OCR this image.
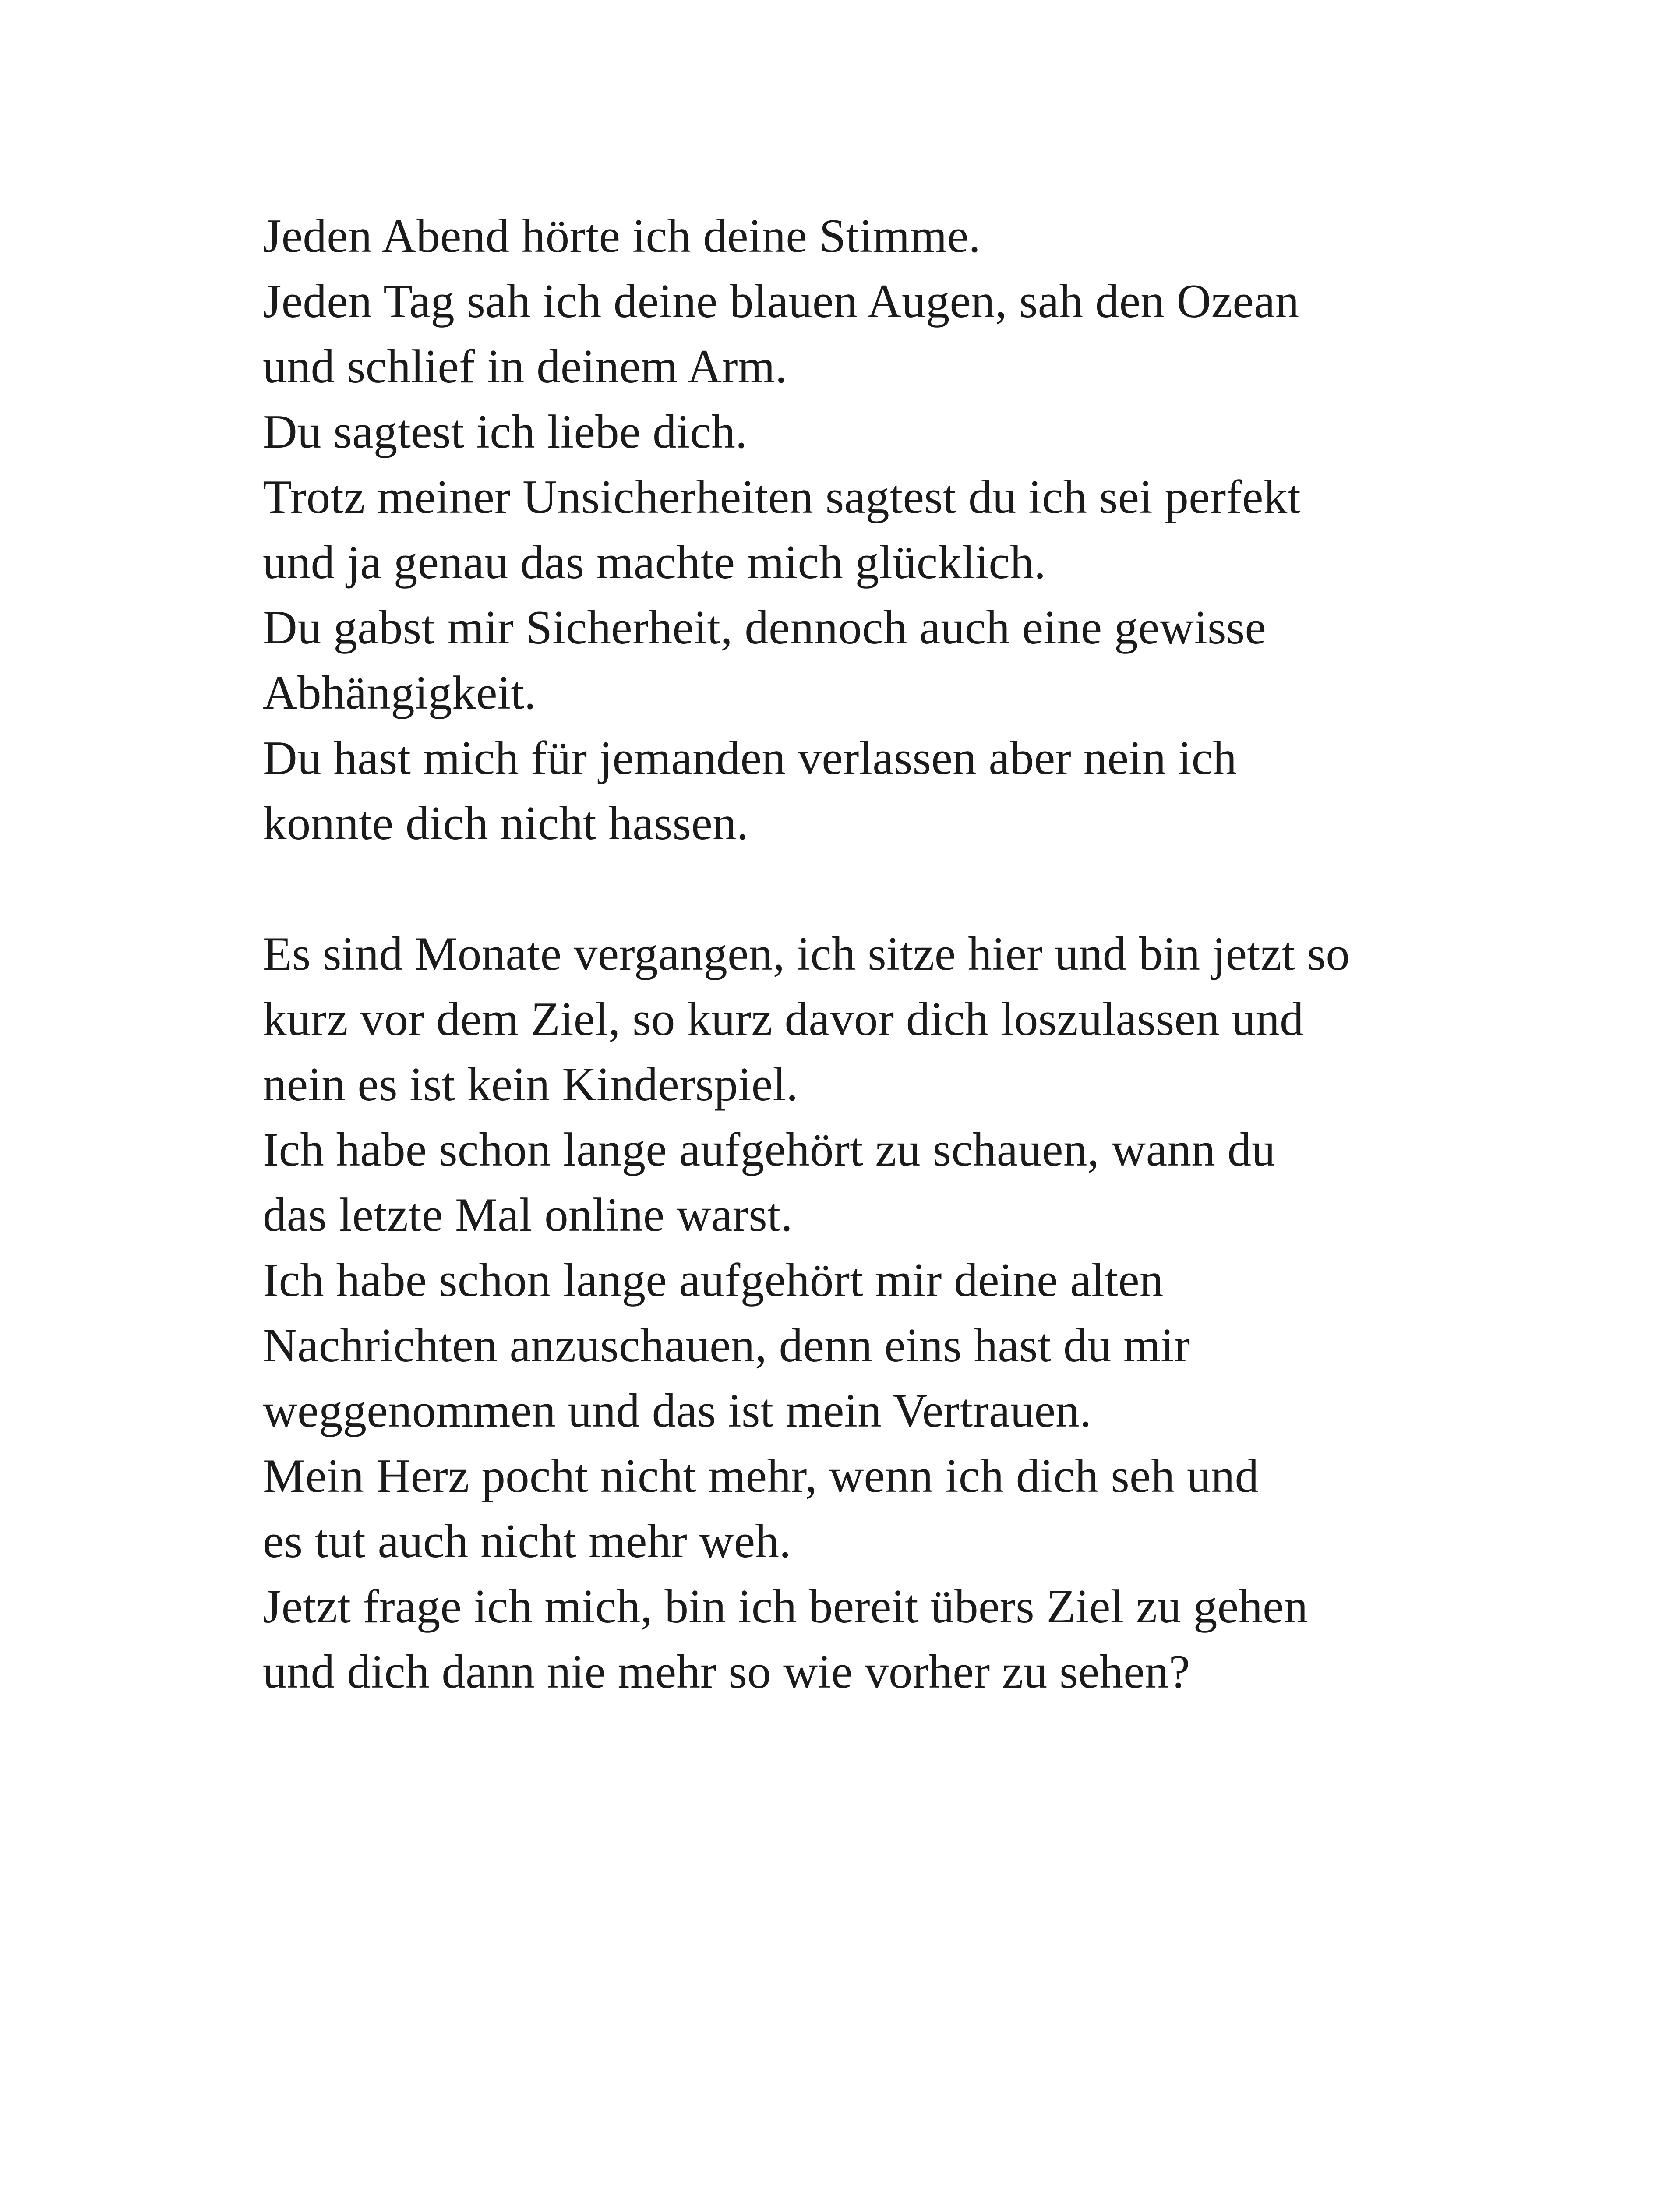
Jeden Abend hörte ich deine Stimme.
Jeden Tag sah ich deine blauen Augen, sah den Ozean
und schlief in deinem Arm.
Du sagtest ich liebe dich.
Trotz meiner Unsicherheiten sagtest du ich sei perfekt
und ja genau das machte mich glücklich.
Du gabst mir Sicherheit, dennoch auch eine gewisse
Abhängigkeit.
Du hast mich für jemanden verlassen aber nein ich
konnte dich nicht hassen.
Es sind Monate vergangen, ich sitze hier und bin jetzt so
kurz vor dem Ziel, so kurz davor dich loszulassen und
nein es ist kein Kinderspiel.
Ich habe schon lange aufgehört zu schauen, wann du
das letzte Mal online warst.
Ich habe schon lange aufgehört mir deine alten
Nachrichten anzuschauen, denn eins hast du mir
weggenommen und das ist mein Vertrauen.
Mein Herz pocht nicht mehr, wenn ich dich seh und
es tut auch nicht mehr weh.
Jetzt frage ich mich, bin ich bereit übers Ziel zu gehen
und dich dann nie mehr so wie vorher zu sehen?
